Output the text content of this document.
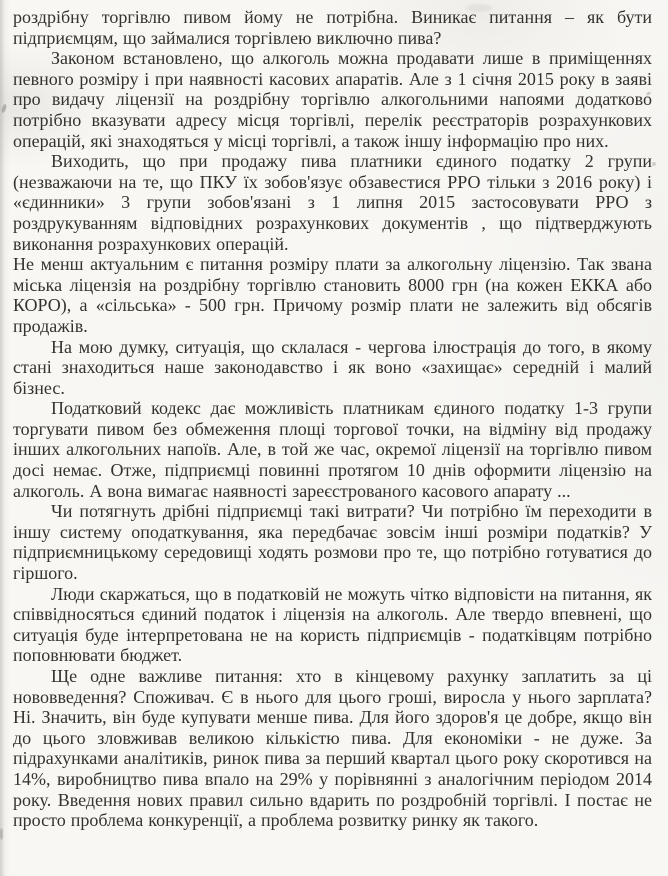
роздрібну торгівлю пивом йому не потрібна. Виникає питання – як бути підприємцям, що займалися торгівлею виключно пива?

Законом встановлено, що алкоголь можна продавати лише в приміщеннях певного розміру і при наявності касових апаратів. Але з 1 січня 2015 року в заяві про видачу ліцензії на роздрібну торгівлю алкогольними напоями додатково потрібно вказувати адресу місця торгівлі, перелік реєстраторів розрахункових операцій, які знаходяться у місці торгівлі, а також іншу інформацію про них.

Виходить, що при продажу пива платники єдиного податку 2 групи (незважаючи на те, що ПКУ їх зобов'язує обзавестися РРО тільки з 2016 року) і «єдинники» 3 групи зобов'язані з 1 липня 2015 застосовувати РРО з роздрукуванням відповідних розрахункових документів , що підтверджують виконання розрахункових операцій.

Не менш актуальним є питання розміру плати за алкогольну ліцензію. Так звана міська ліцензія на роздрібну торгівлю становить 8000 грн (на кожен ЕККА або КОРО), а «сільська» - 500 грн. Причому розмір плати не залежить від обсягів продажів.

На мою думку, ситуація, що склалася - чергова ілюстрація до того, в якому стані знаходиться наше законодавство і як воно «захищає» середній і малий бізнес.

Податковий кодекс дає можливість платникам єдиного податку 1-3 групи торгувати пивом без обмеження площі торгової точки, на відміну від продажу інших алкогольних напоїв. Але, в той же час, окремої ліцензії на торгівлю пивом досі немає. Отже, підприємці повинні протягом 10 днів оформити ліцензію на алкоголь. А вона вимагає наявності зареєстрованого касового апарату ...

Чи потягнуть дрібні підприємці такі витрати? Чи потрібно їм переходити в іншу систему оподаткування, яка передбачає зовсім інші розміри податків? У підприємницькому середовищі ходять розмови про те, що потрібно готуватися до гіршого.

Люди скаржаться, що в податковій не можуть чітко відповісти на питання, як співвідносяться єдиний податок і ліцензія на алкоголь. Але твердо впевнені, що ситуація буде інтерпретована не на користь підприємців - податківцям потрібно поповнювати бюджет.

Ще одне важливе питання: хто в кінцевому рахунку заплатить за ці нововведення? Споживач. Є в нього для цього гроші, виросла у нього зарплата? Ні. Значить, він буде купувати менше пива. Для його здоров'я це добре, якщо він до цього зловживав великою кількістю пива. Для економіки - не дуже. За підрахунками аналітиків, ринок пива за перший квартал цього року скоротився на 14%, виробництво пива впало на 29% у порівнянні з аналогічним періодом 2014 року. Введення нових правил сильно вдарить по роздробній торгівлі. І постає не просто проблема конкуренції, а проблема розвитку ринку як такого.
